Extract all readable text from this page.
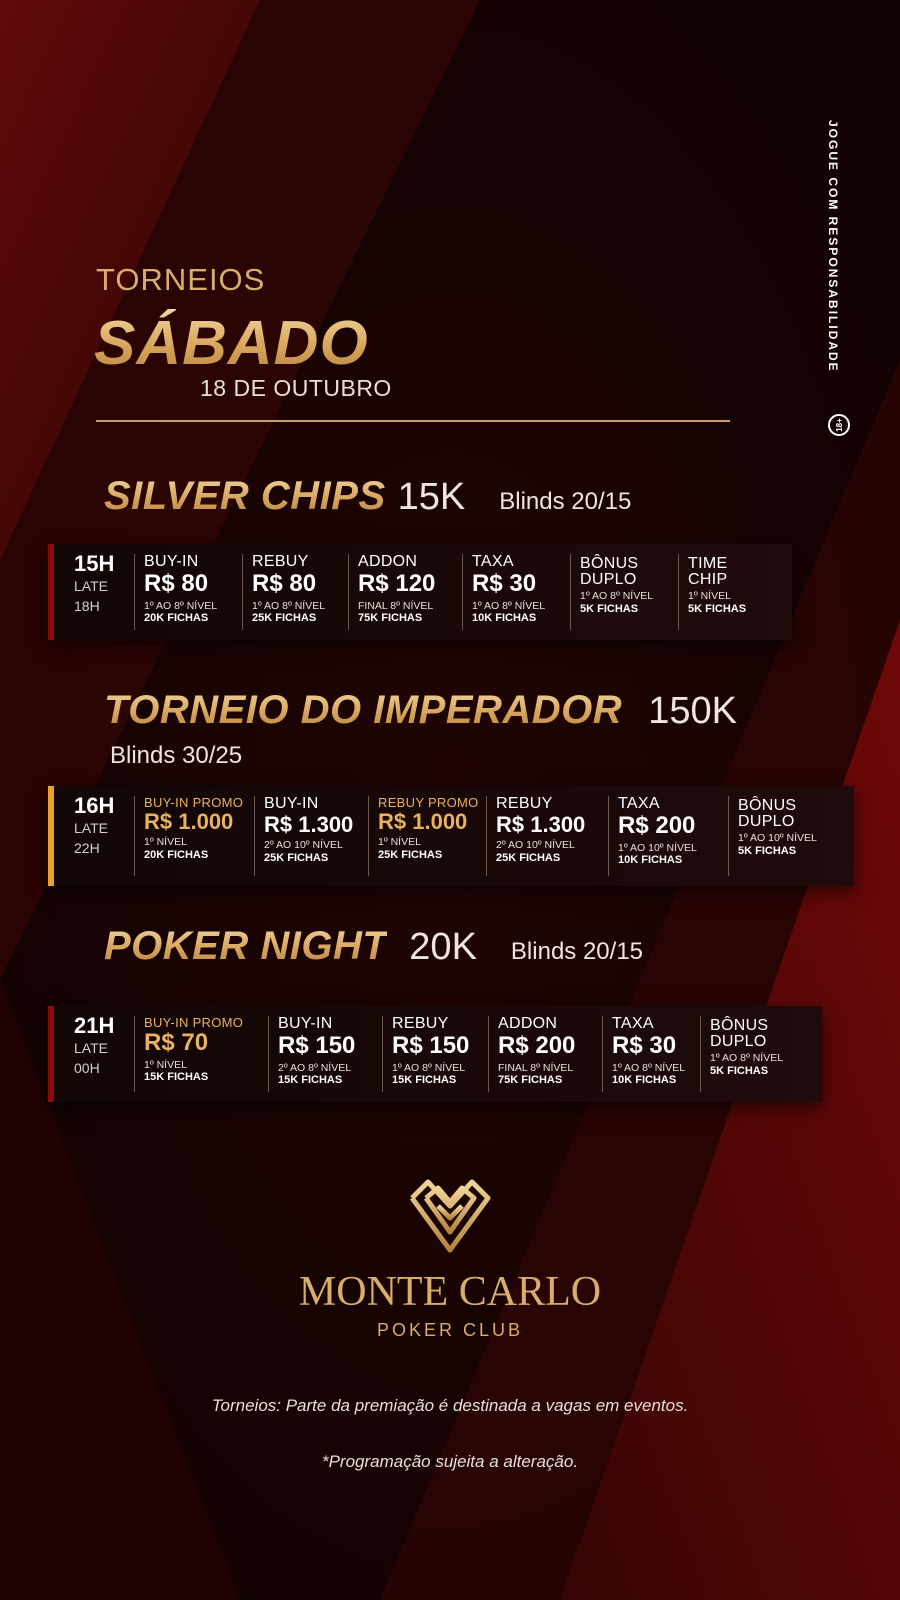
TORNEIOS
SÁBADO
18 DE OUTUBRO
JOGUE COM RESPONSABILIDADE
18+
SILVER CHIPS 15K Blinds 20/15
15H
LATE
18H
BUY-IN
R$ 80
1º AO 8º NÍVEL
20K FICHAS
REBUY
R$ 80
1º AO 8º NÍVEL
25K FICHAS
ADDON
R$ 120
FINAL 8º NÍVEL
75K FICHAS
TAXA
R$ 30
1º AO 8º NÍVEL
10K FICHAS
BÔNUS DUPLO
1º AO 8º NÍVEL
5K FICHAS
TIME CHIP
1º NÍVEL
5K FICHAS
TORNEIO DO IMPERADOR 150K
Blinds 30/25
16H
LATE
22H
BUY-IN PROMO
R$ 1.000
1º NÍVEL
20K FICHAS
BUY-IN
R$ 1.300
2º AO 10º NÍVEL
25K FICHAS
REBUY PROMO
R$ 1.000
1º NÍVEL
25K FICHAS
REBUY
R$ 1.300
2º AO 10º NÍVEL
25K FICHAS
TAXA
R$ 200
1º AO 10º NÍVEL
10K FICHAS
BÔNUS DUPLO
1º AO 10º NÍVEL
5K FICHAS
POKER NIGHT 20K Blinds 20/15
21H
LATE
00H
BUY-IN PROMO
R$ 70
1º NÍVEL
15K FICHAS
BUY-IN
R$ 150
2º AO 8º NÍVEL
15K FICHAS
REBUY
R$ 150
1º AO 8º NÍVEL
15K FICHAS
ADDON
R$ 200
FINAL 8º NÍVEL
75K FICHAS
TAXA
R$ 30
1º AO 8º NÍVEL
10K FICHAS
BÔNUS DUPLO
1º AO 8º NÍVEL
5K FICHAS
MONTE CARLO
POKER CLUB
Torneios: Parte da premiação é destinada a vagas em eventos.
*Programação sujeita a alteração.
